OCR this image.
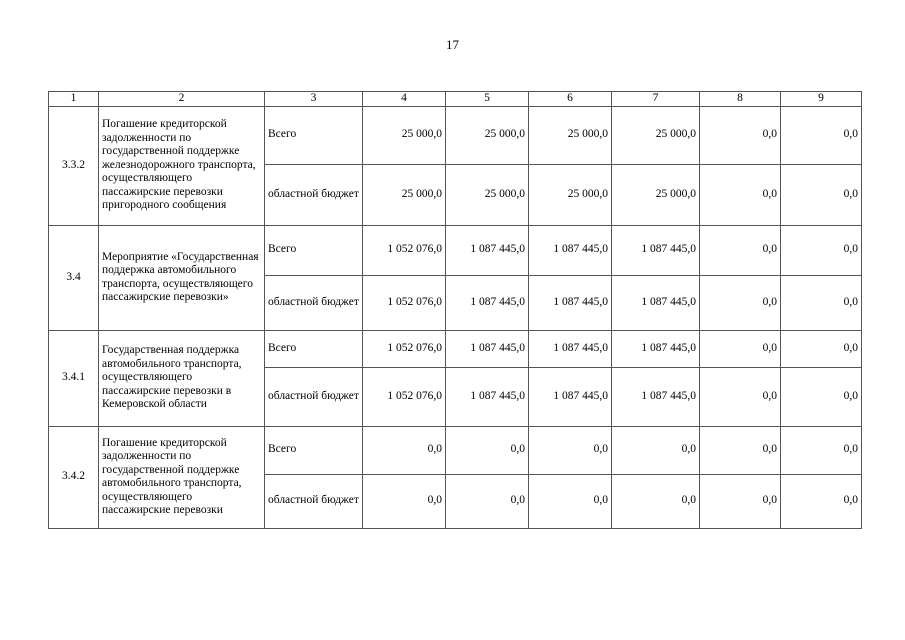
17
1	2	3	4	5	6	7	8	9
3.3.2	Погашение кредиторской задолженности по государственной поддержке железнодорожного транспорта, осуществляющего пассажирские перевозки пригородного сообщения	Всего	25 000,0	25 000,0	25 000,0	25 000,0	0,0	0,0
		областной бюджет	25 000,0	25 000,0	25 000,0	25 000,0	0,0	0,0
3.4	Мероприятие «Государственная поддержка автомобильного транспорта, осуществляющего пассажирские перевозки»	Всего	1 052 076,0	1 087 445,0	1 087 445,0	1 087 445,0	0,0	0,0
		областной бюджет	1 052 076,0	1 087 445,0	1 087 445,0	1 087 445,0	0,0	0,0
3.4.1	Государственная поддержка автомобильного транспорта, осуществляющего пассажирские перевозки в Кемеровской области	Всего	1 052 076,0	1 087 445,0	1 087 445,0	1 087 445,0	0,0	0,0
		областной бюджет	1 052 076,0	1 087 445,0	1 087 445,0	1 087 445,0	0,0	0,0
3.4.2	Погашение кредиторской задолженности по государственной поддержке автомобильного транспорта, осуществляющего пассажирские перевозки	Всего	0,0	0,0	0,0	0,0	0,0	0,0
		областной бюджет	0,0	0,0	0,0	0,0	0,0	0,0
